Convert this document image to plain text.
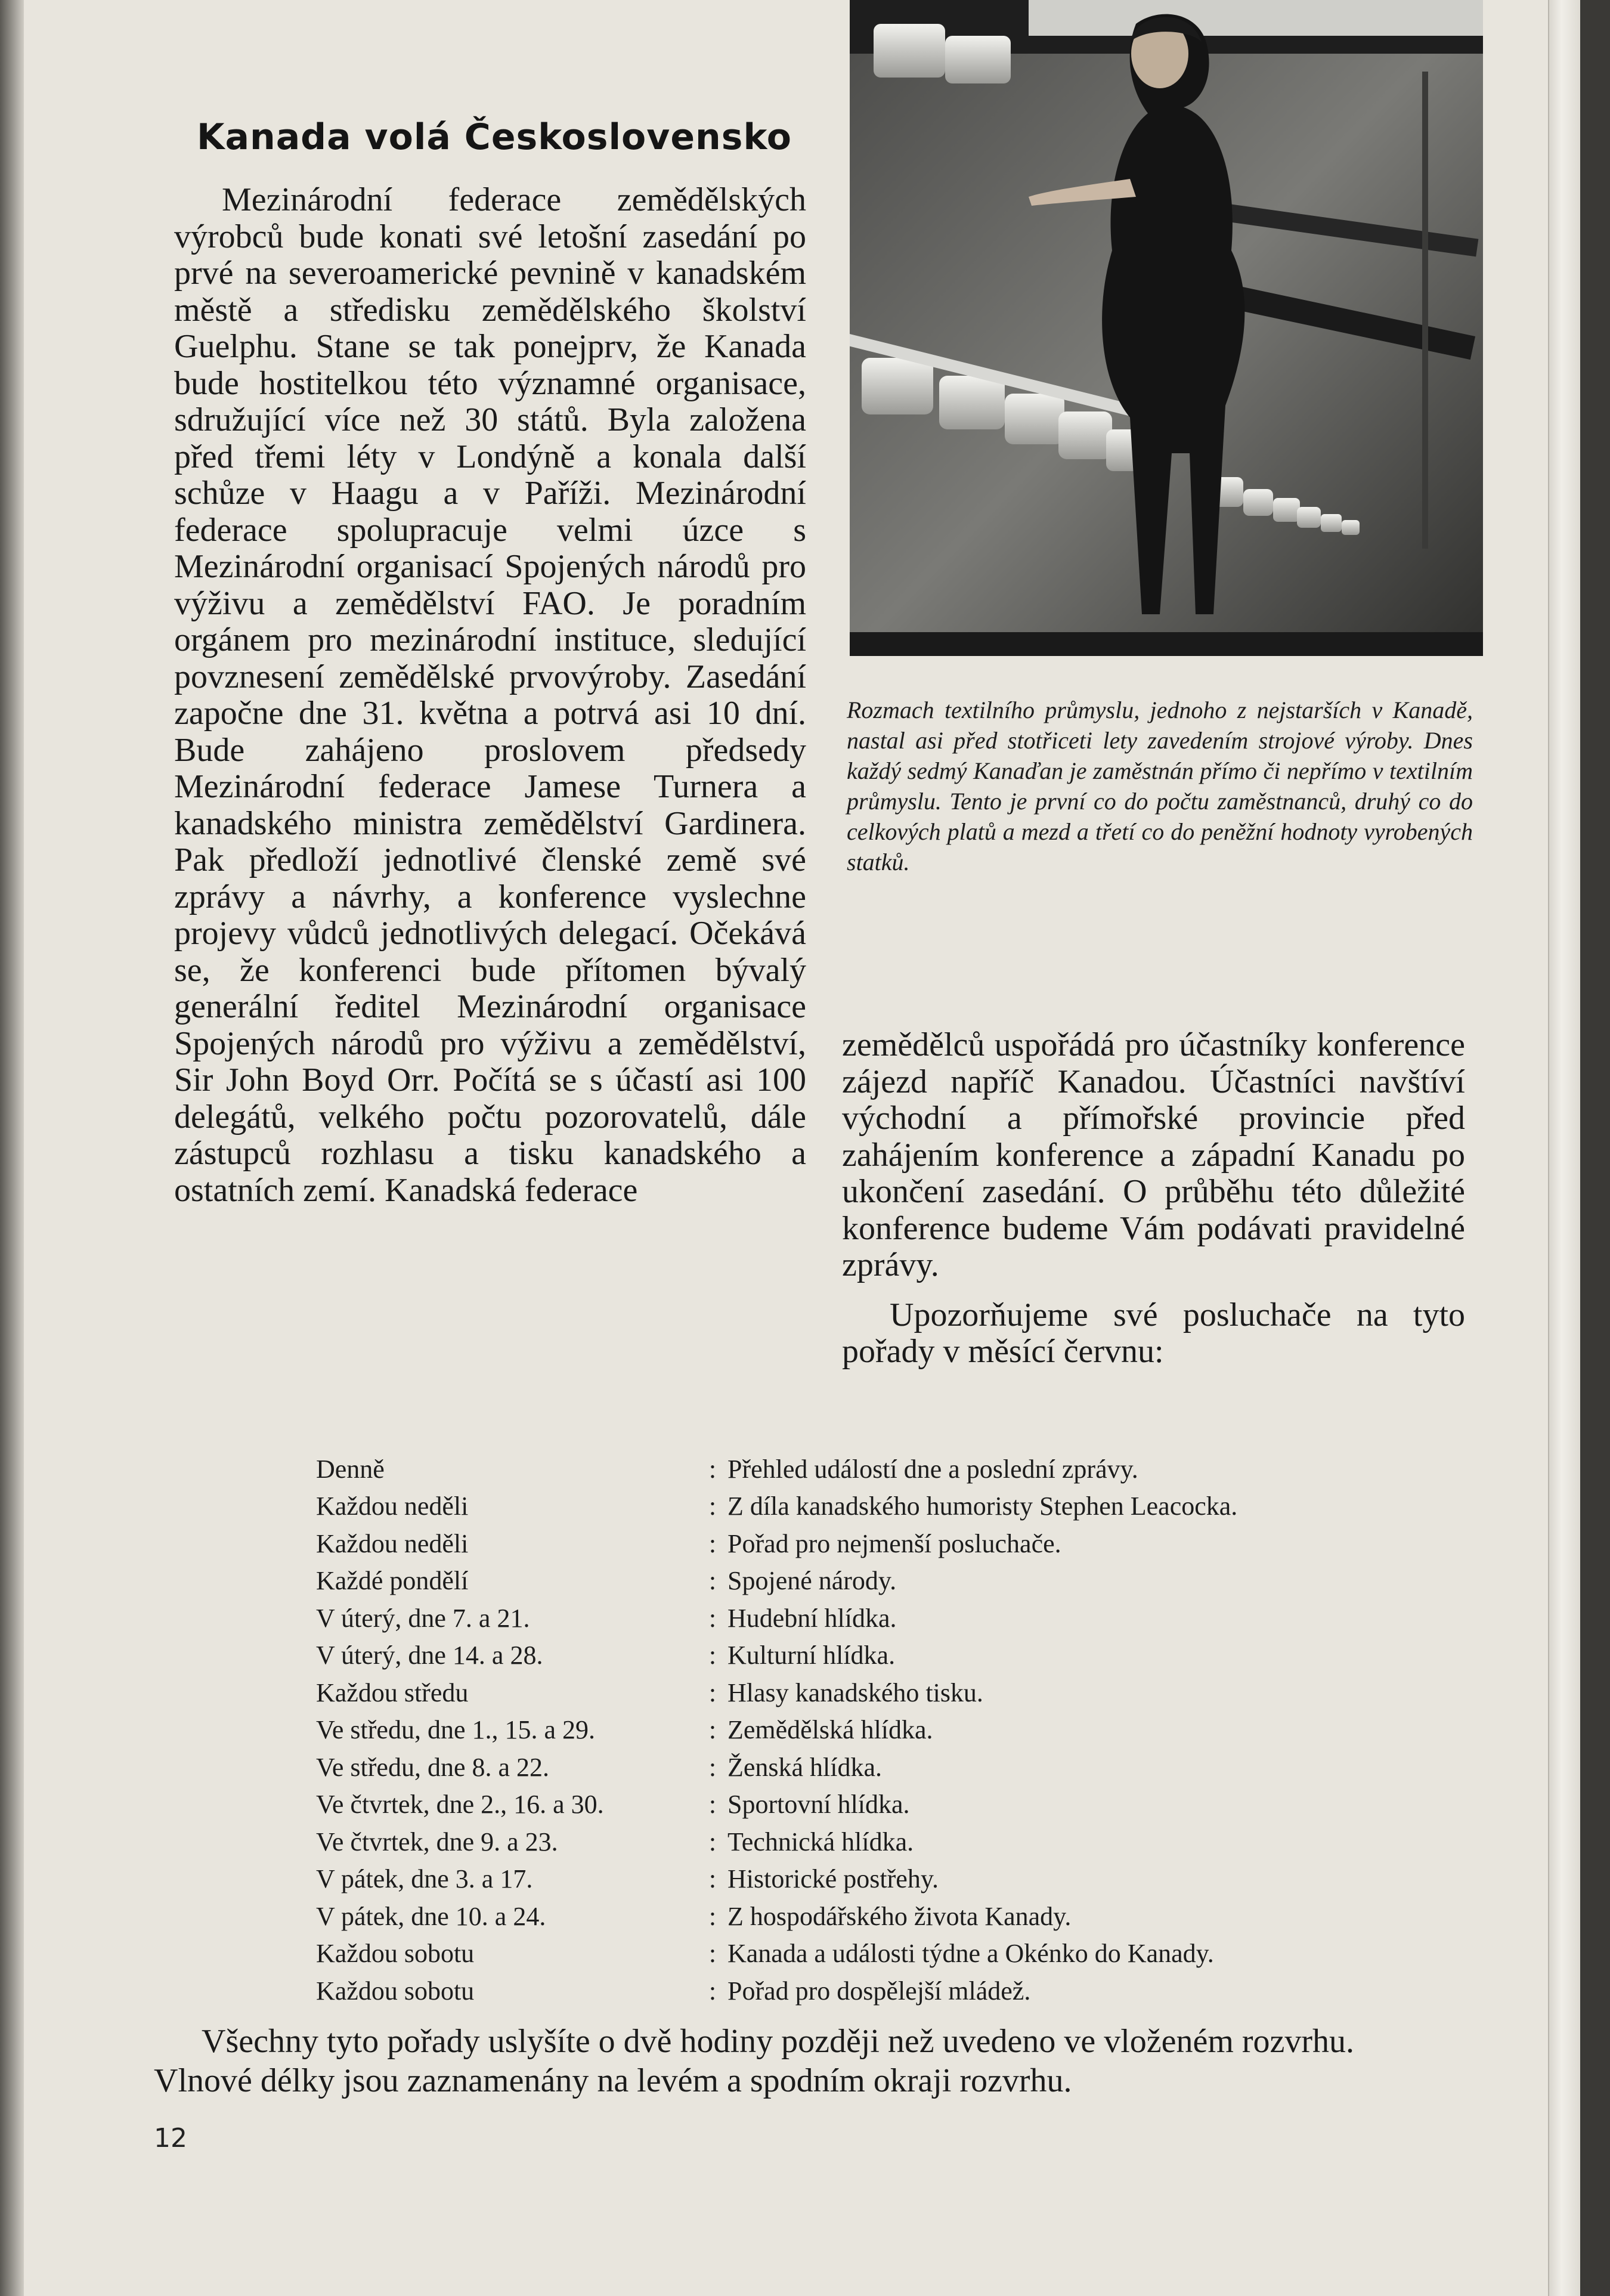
Kanada volá Československo

Mezinárodní federace zemědělských výrobců bude konati své letošní zasedání po prvé na severoamerické pevnině v kanadském městě a středisku zemědělského školství Guelphu. Stane se tak ponejprv, že Kanada bude hostitelkou této významné organisace, sdružující více než 30 států. Byla založena před třemi léty v Londýně a konala další schůze v Haagu a v Paříži. Mezinárodní federace spolupracuje velmi úzce s Mezinárodní organisací Spojených národů pro výživu a zemědělství FAO. Je poradním orgánem pro mezinárodní instituce, sledující povznesení zemědělské prvovýroby. Zasedání započne dne 31. května a potrvá asi 10 dní. Bude zahájeno proslovem předsedy Mezinárodní federace Jamese Turnera a kanadského ministra zemědělství Gardinera. Pak předloží jednotlivé členské země své zprávy a návrhy, a konference vyslechne projevy vůdců jednotlivých delegací. Očekává se, že konferenci bude přítomen bývalý generální ředitel Mezinárodní organisace Spojených národů pro výživu a zemědělství, Sir John Boyd Orr. Počítá se s účastí asi 100 delegátů, velkého počtu pozorovatelů, dále zástupců rozhlasu a tisku kanadského a ostatních zemí. Kanadská federace

Rozmach textilního průmyslu, jednoho z nejstarších v Kanadě, nastal asi před stotřiceti lety zavedením strojové výroby. Dnes každý sedmý Kanaďan je zaměstnán přímo či nepřímo v textilním průmyslu. Tento je první co do počtu zaměstnanců, druhý co do celkových platů a mezd a třetí co do peněžní hodnoty vyrobených statků.

zemědělců uspořádá pro účastníky konference zájezd napříč Kanadou. Účastníci navštíví východní a přímořské provincie před zahájením konference a západní Kanadu po ukončení zasedání. O průběhu této důležité konference budeme Vám podávati pravidelné zprávy.

Upozorňujeme své posluchače na tyto pořady v měsící červnu:

Denně	: Přehled událostí dne a poslední zprávy.
Každou neděli	: Z díla kanadského humoristy Stephen Leacocka.
Každou neděli	: Pořad pro nejmenší posluchače.
Každé pondělí	: Spojené národy.
V úterý, dne 7. a 21.	: Hudební hlídka.
V úterý, dne 14. a 28.	: Kulturní hlídka.
Každou středu	: Hlasy kanadského tisku.
Ve středu, dne 1., 15. a 29.	: Zemědělská hlídka.
Ve středu, dne 8. a 22.	: Ženská hlídka.
Ve čtvrtek, dne 2., 16. a 30.	: Sportovní hlídka.
Ve čtvrtek, dne 9. a 23.	: Technická hlídka.
V pátek, dne 3. a 17.	: Historické postřehy.
V pátek, dne 10. a 24.	: Z hospodářského života Kanady.
Každou sobotu	: Kanada a události týdne a Okénko do Kanady.
Každou sobotu	: Pořad pro dospělejší mládež.

Všechny tyto pořady uslyšíte o dvě hodiny později než uvedeno ve vloženém rozvrhu. Vlnové délky jsou zaznamenány na levém a spodním okraji rozvrhu.

12
